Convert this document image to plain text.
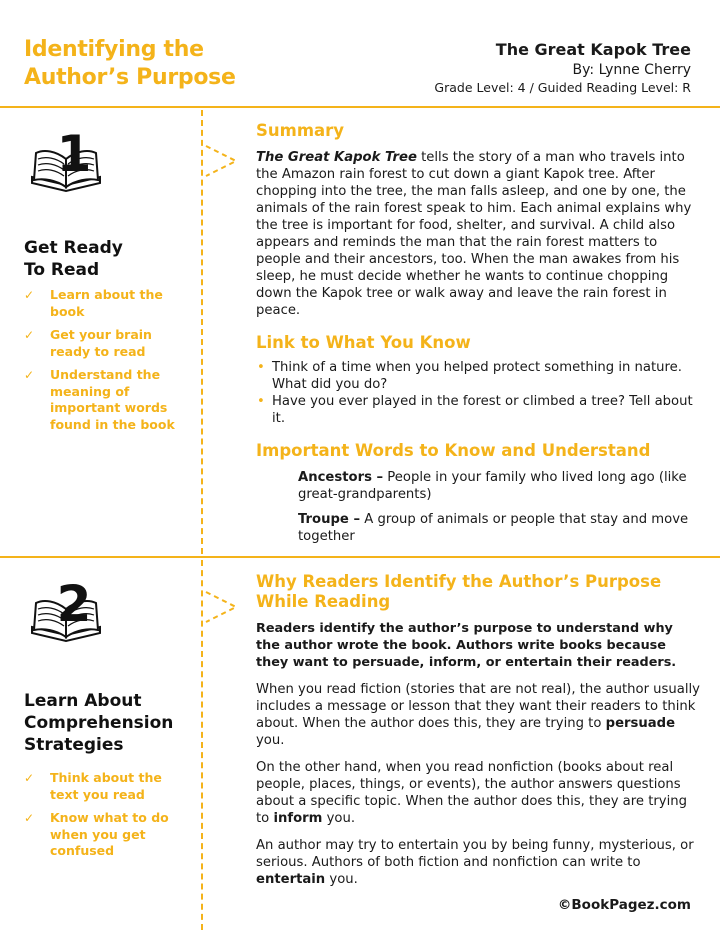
Identifying the Author’s Purpose
The Great Kapok Tree
By: Lynne Cherry
Grade Level: 4 / Guided Reading Level: R
1
Get Ready
To Read
✓ Learn about the book
✓ Get your brain ready to read
✓ Understand the meaning of important words found in the book
Summary

The Great Kapok Tree tells the story of a man who travels into the Amazon rain forest to cut down a giant Kapok tree. After chopping into the tree, the man falls asleep, and one by one, the animals of the rain forest speak to him. Each animal explains why the tree is important for food, shelter, and survival. A child also appears and reminds the man that the rain forest matters to people and their ancestors, too. When the man awakes from his sleep, he must decide whether he wants to continue chopping down the Kapok tree or walk away and leave the rain forest in peace.

Link to What You Know
• Think of a time when you helped protect something in nature. What did you do?
• Have you ever played in the forest or climbed a tree? Tell about it.
Important Words to Know and Understand
Ancestors – People in your family who lived long ago (like great-grandparents)
Troupe – A group of animals or people that stay and move together
2
Learn About
Comprehension
Strategies
✓ Think about the text you read
✓ Know what to do when you get confused
Why Readers Identify the Author’s Purpose While Reading

Readers identify the author’s purpose to understand why the author wrote the book. Authors write books because they want to persuade, inform, or entertain their readers.

When you read fiction (stories that are not real), the author usually includes a message or lesson that they want their readers to think about. When the author does this, they are trying to persuade you.

On the other hand, when you read nonfiction (books about real people, places, things, or events), the author answers questions about a specific topic. When the author does this, they are trying to inform you.

An author may try to entertain you by being funny, mysterious, or serious. Authors of both fiction and nonfiction can write to entertain you.

©BookPagez.com
